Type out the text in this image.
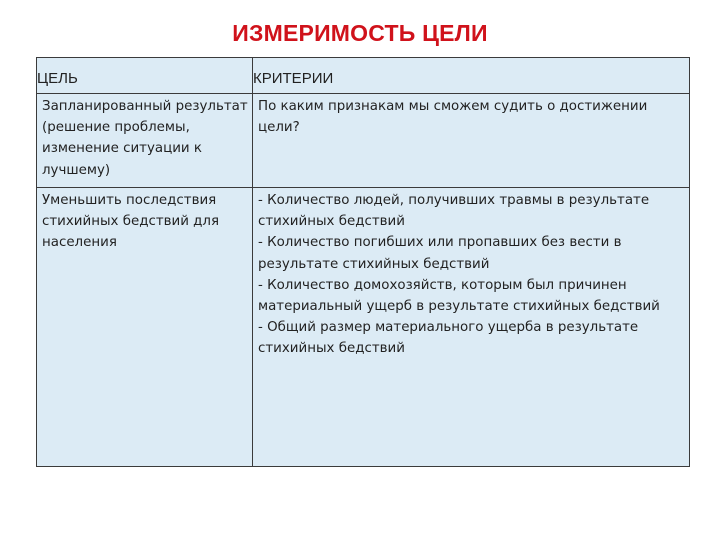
ИЗМЕРИМОСТЬ ЦЕЛИ
ЦЕЛЬ	КРИТЕРИИ
Запланированный результат (решение проблемы, изменение ситуации к лучшему)	По каким признакам мы сможем судить о достижении цели?

Уменьшить последствия стихийных бедствий для населения	- Количество людей, получивших травмы в результате стихийных бедствий
- Количество погибших или пропавших без вести в результате стихийных бедствий
- Количество домохозяйств, которым был причинен материальный ущерб в результате стихийных бедствий
- Общий размер материального ущерба в результате стихийных бедствий
